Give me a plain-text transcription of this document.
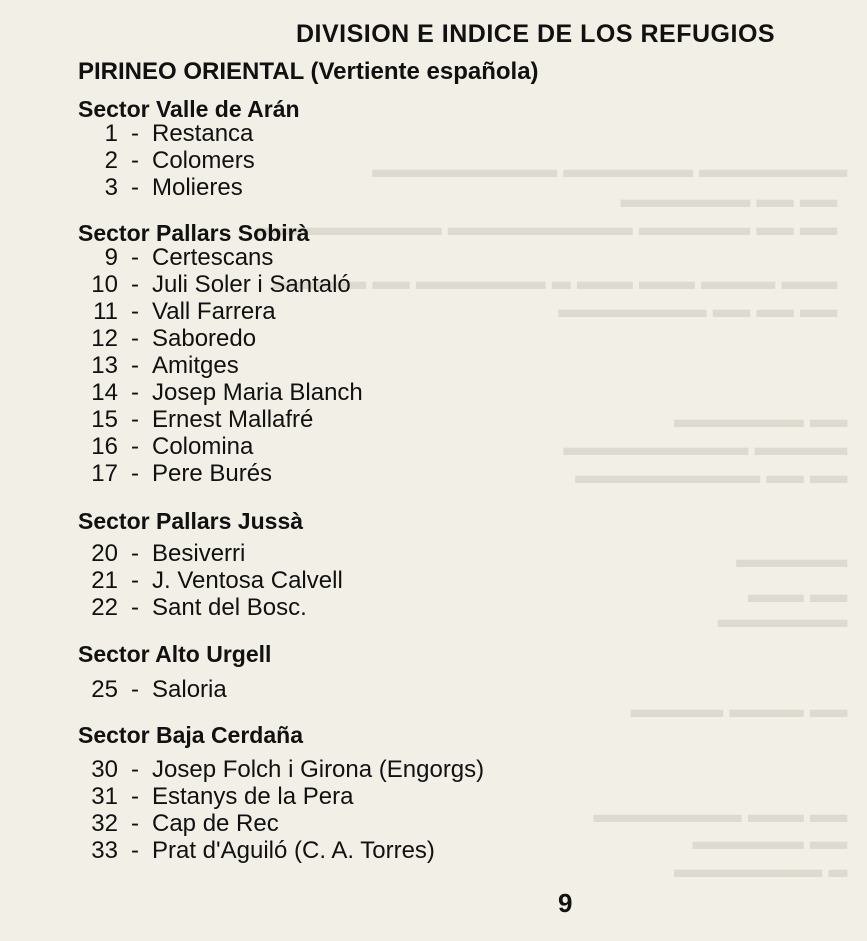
▂▂▂▂▂▂▂▂ ▂▂▂▂▂▂▂ ▂▂▂▂▂▂▂▂▂▂
▂▂ ▂▂ ▂▂▂▂▂▂▂
▂▂ ▂▂ ▂▂▂▂▂▂ ▂▂▂▂▂▂▂▂▂▂ ▂▂▂▂▂▂▂▂▂▂
▂▂▂ ▂▂▂▂ ▂▂▂ ▂▂▂ ▂ ▂▂▂▂▂▂▂ ▂▂ ▂▂▂▂▂
▂▂ ▂▂ ▂▂ ▂▂▂▂▂▂▂▂
▂▂ ▂▂▂▂▂▂▂
▂▂▂▂▂ ▂▂▂▂▂▂▂▂▂▂
▂▂ ▂▂ ▂▂▂▂▂▂▂▂▂▂
▂▂▂▂▂▂
▂▂ ▂▂▂
▂▂▂▂▂▂▂
▂▂ ▂▂▂▂ ▂▂▂▂▂
▂▂ ▂▂▂ ▂▂▂▂▂▂▂▂
▂▂ ▂▂▂▂▂▂
▂ ▂▂▂▂▂▂▂▂
DIVISION E INDICE DE LOS REFUGIOS
PIRINEO ORIENTAL (Vertiente española)
Sector Valle de Arán
1 - Restanca
2 - Colomers
3 - Molieres
Sector Pallars Sobirà
9 - Certescans
10 - Juli Soler i Santaló
11 - Vall Farrera
12 - Saboredo
13 - Amitges
14 - Josep Maria Blanch
15 - Ernest Mallafré
16 - Colomina
17 - Pere Burés
Sector Pallars Jussà
20 - Besiverri
21 - J. Ventosa Calvell
22 - Sant del Bosc.
Sector Alto Urgell
25 - Saloria
Sector Baja Cerdaña
30 - Josep Folch i Girona (Engorgs)
31 - Estanys de la Pera
32 - Cap de Rec
33 - Prat d'Aguiló (C. A. Torres)
9
